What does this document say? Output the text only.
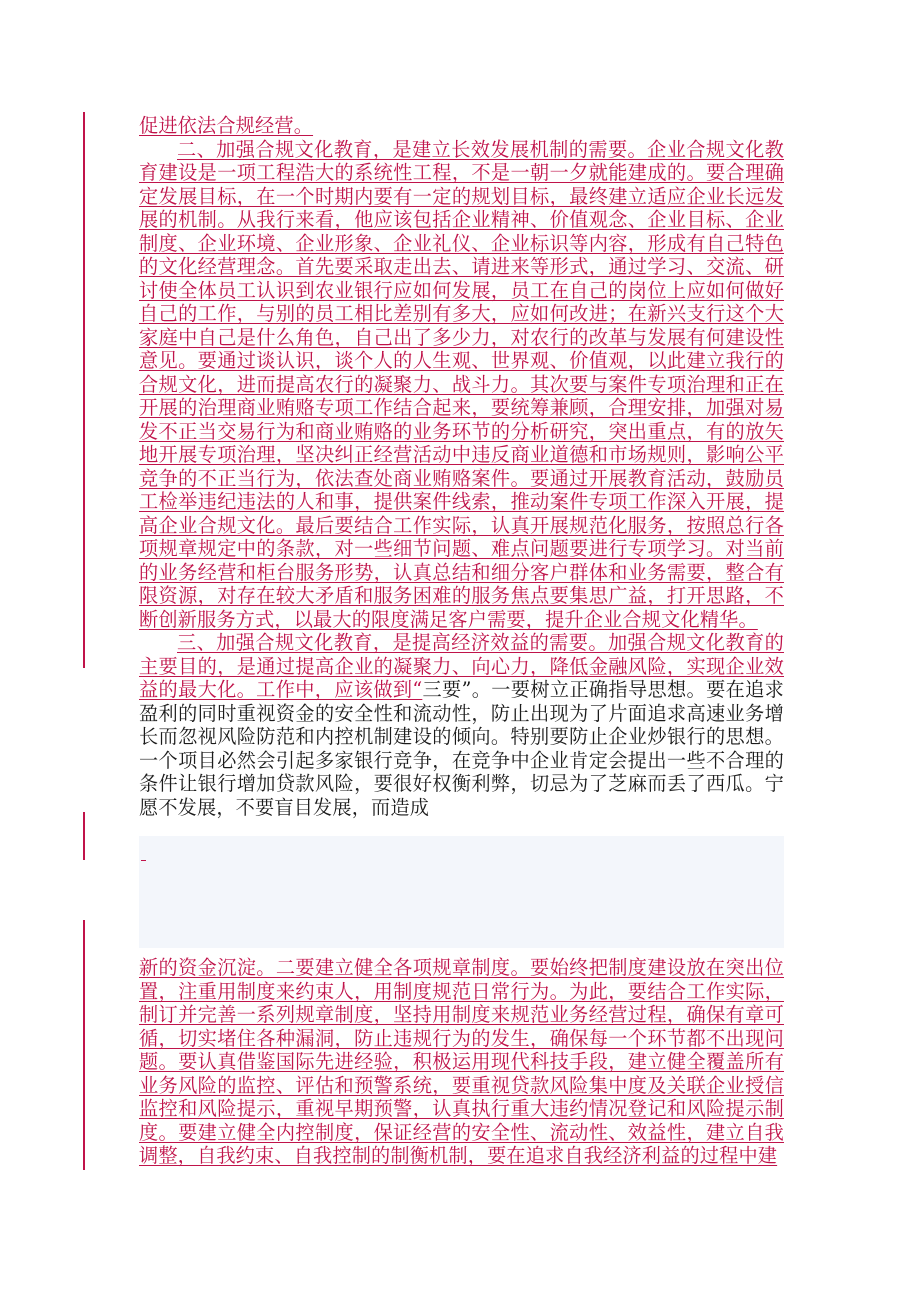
促进依法合规经营。

二、加强合规文化教育，是建立长效发展机制的需要。企业合规文化教育建设是一项工程浩大的系统性工程，不是一朝一夕就能建成的。要合理确定发展目标，在一个时期内要有一定的规划目标，最终建立适应企业长远发展的机制。从我行来看，他应该包括企业精神、价值观念、企业目标、企业制度、企业环境、企业形象、企业礼仪、企业标识等内容，形成有自己特色的文化经营理念。首先要采取走出去、请进来等形式，通过学习、交流、研讨使全体员工认识到农业银行应如何发展，员工在自己的岗位上应如何做好自己的工作，与别的员工相比差别有多大，应如何改进；在新兴支行这个大家庭中自己是什么角色，自己出了多少力，对农行的改革与发展有何建设性意见。要通过谈认识，谈个人的人生观、世界观、价值观，以此建立我行的合规文化，进而提高农行的凝聚力、战斗力。其次要与案件专项治理和正在开展的治理商业贿赂专项工作结合起来，要统筹兼顾，合理安排，加强对易发不正当交易行为和商业贿赂的业务环节的分析研究，突出重点，有的放矢地开展专项治理，坚决纠正经营活动中违反商业道德和市场规则，影响公平竞争的不正当行为，依法查处商业贿赂案件。要通过开展教育活动，鼓励员工检举违纪违法的人和事，提供案件线索，推动案件专项工作深入开展，提高企业合规文化。最后要结合工作实际，认真开展规范化服务，按照总行各项规章规定中的条款，对一些细节问题、难点问题要进行专项学习。对当前的业务经营和柜台服务形势，认真总结和细分客户群体和业务需要，整合有限资源，对存在较大矛盾和服务困难的服务焦点要集思广益，打开思路，不断创新服务方式，以最大的限度满足客户需要，提升企业合规文化精华。

三、加强合规文化教育，是提高经济效益的需要。加强合规文化教育的主要目的，是通过提高企业的凝聚力、向心力，降低金融风险，实现企业效益的最大化。工作中，应该做到“三要”。一要树立正确指导思想。要在追求盈利的同时重视资金的安全性和流动性，防止出现为了片面追求高速业务增长而忽视风险防范和内控机制建设的倾向。特别要防止企业炒银行的思想。一个项目必然会引起多家银行竞争，在竞争中企业肯定会提出一些不合理的条件让银行增加贷款风险，要很好权衡利弊，切忌为了芝麻而丢了西瓜。宁愿不发展，不要盲目发展，而造成

新的资金沉淀。二要建立健全各项规章制度。要始终把制度建设放在突出位置，注重用制度来约束人，用制度规范日常行为。为此，要结合工作实际，制订并完善一系列规章制度，坚持用制度来规范业务经营过程，确保有章可循，切实堵住各种漏洞，防止违规行为的发生，确保每一个环节都不出现问题。要认真借鉴国际先进经验，积极运用现代科技手段，建立健全覆盖所有业务风险的监控、评估和预警系统，要重视贷款风险集中度及关联企业授信监控和风险提示，重视早期预警，认真执行重大违约情况登记和风险提示制度。要建立健全内控制度，保证经营的安全性、流动性、效益性，建立自我调整，自我约束、自我控制的制衡机制，要在追求自我经济利益的过程中建
